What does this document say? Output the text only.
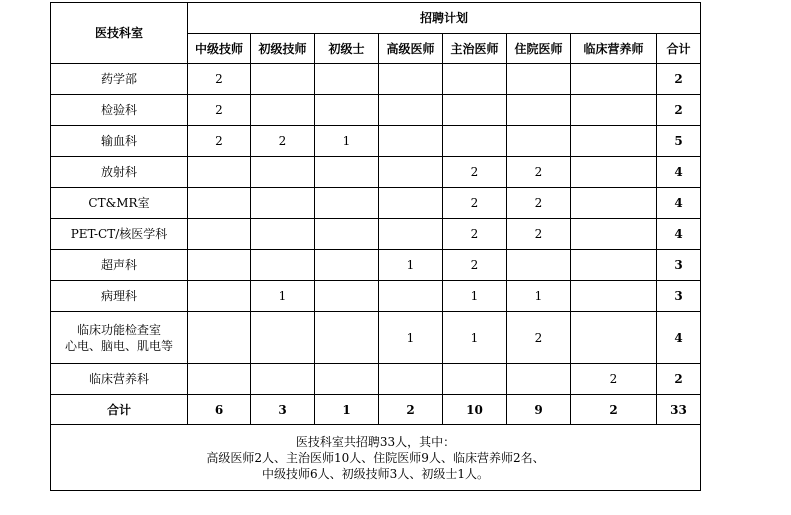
医技科室	招聘计划							
	中级技师	初级技师	初级士	高级医师	主治医师	住院医师	临床营养师	合计
药学部	2							2
检验科	2							2
输血科	2	2	1					5
放射科					2	2		4
CT&MR室					2	2		4
PET-CT/核医学科					2	2		4
超声科				1	2			3
病理科		1			1	1		3

临床功能检查室
心电、脑电、肌电等				1	1	2		4
临床营养科							2	2
合计	6	3	1	2	10	9	2	33

医技科室共招聘33人，其中：
高级医师2人、主治医师10人、住院医师9人、临床营养师2名、
中级技师6人、初级技师3人、初级士1人。								
